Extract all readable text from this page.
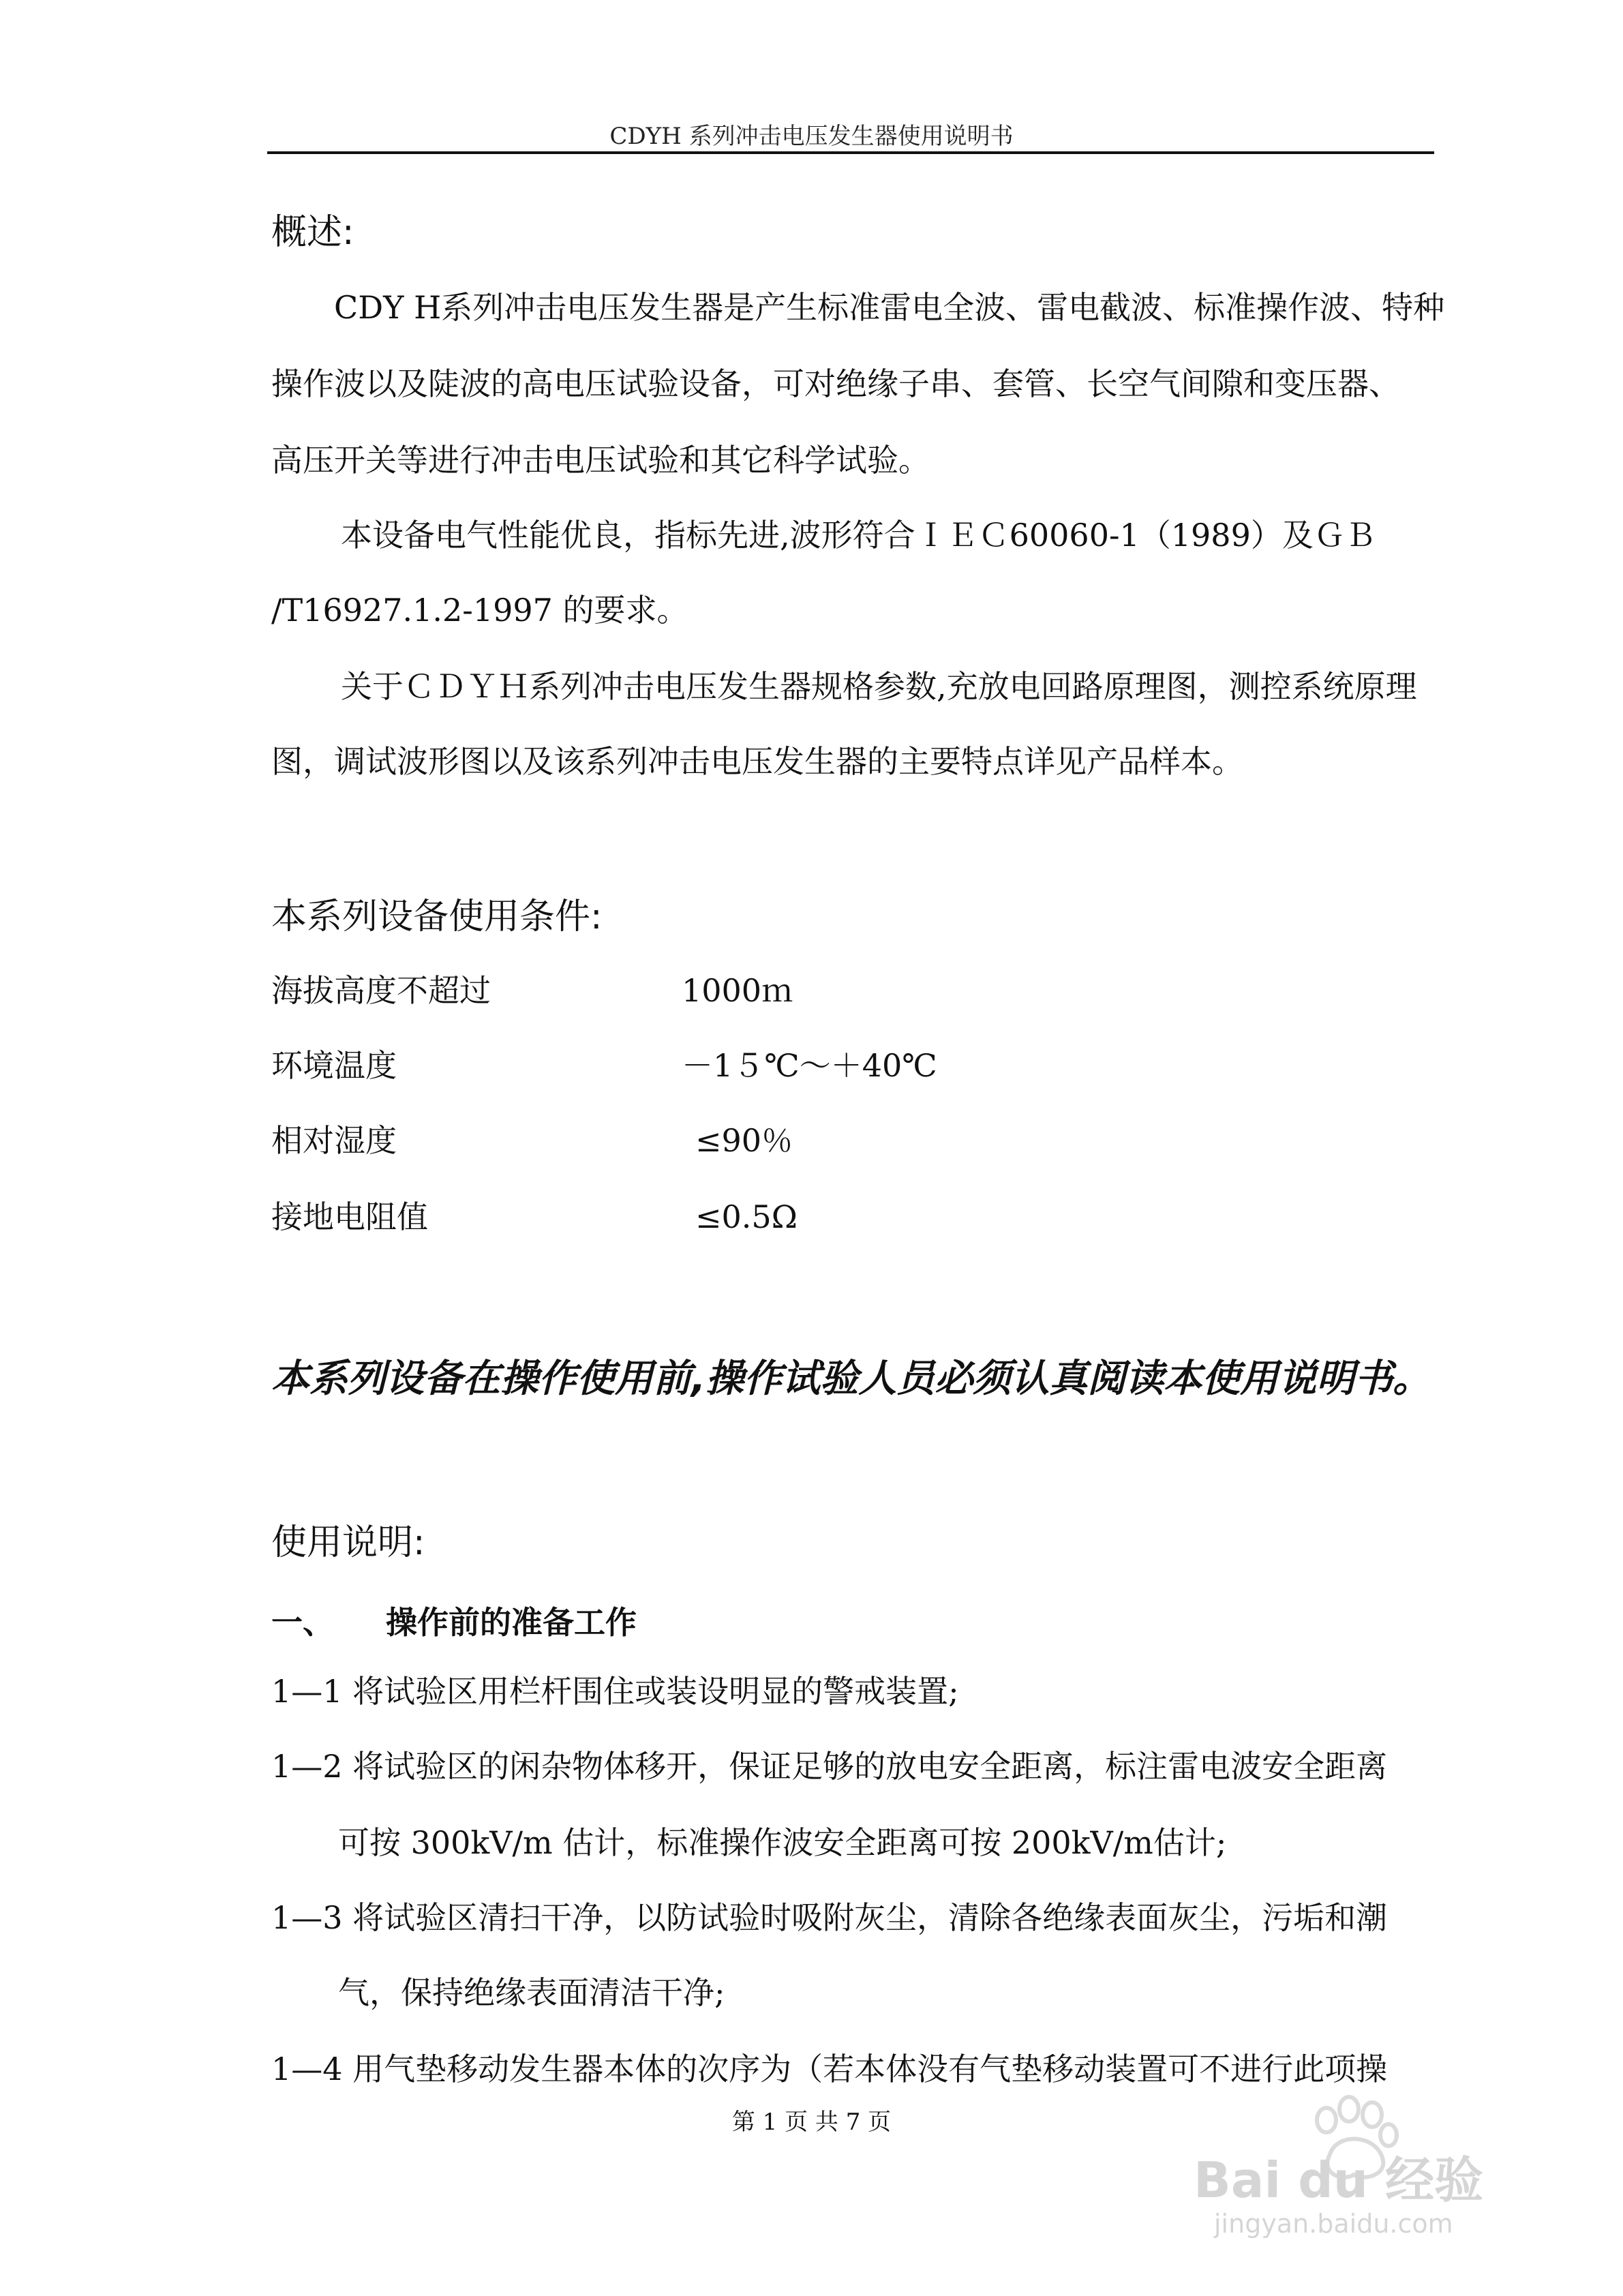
CDYH 系列冲击电压发生器使用说明书
概述:
CDY H系列冲击电压发生器是产生标准雷电全波、雷电截波、标准操作波、特种
操作波以及陡波的高电压试验设备，可对绝缘子串、套管、长空气间隙和变压器、
高压开关等进行冲击电压试验和其它科学试验。
本设备电气性能优良，指标先进,波形符合ＩＥＣ60060-1（1989）及ＧＢ
/T16927.1.2-1997 的要求。
关于ＣＤＹＨ系列冲击电压发生器规格参数,充放电回路原理图，测控系统原理
图，调试波形图以及该系列冲击电压发生器的主要特点详见产品样本。
本系列设备使用条件:
海拔高度不超过	1000ｍ
环境温度	－1５℃～＋40℃
相对湿度	≤90％
接地电阻值	≤0.5Ω
本系列设备在操作使用前,操作试验人员必须认真阅读本使用说明书。
使用说明:
一、 操作前的准备工作
1—1 将试验区用栏杆围住或装设明显的警戒装置;
1—2 将试验区的闲杂物体移开，保证足够的放电安全距离，标注雷电波安全距离
可按 300kV/m 估计，标准操作波安全距离可按 200kV/m估计;
1—3 将试验区清扫干净，以防试验时吸附灰尘，清除各绝缘表面灰尘，污垢和潮
气，保持绝缘表面清洁干净;
1—4 用气垫移动发生器本体的次序为（若本体没有气垫移动装置可不进行此项操
第 1 页 共 7 页
Bai du 经验
jingyan.baidu.com
